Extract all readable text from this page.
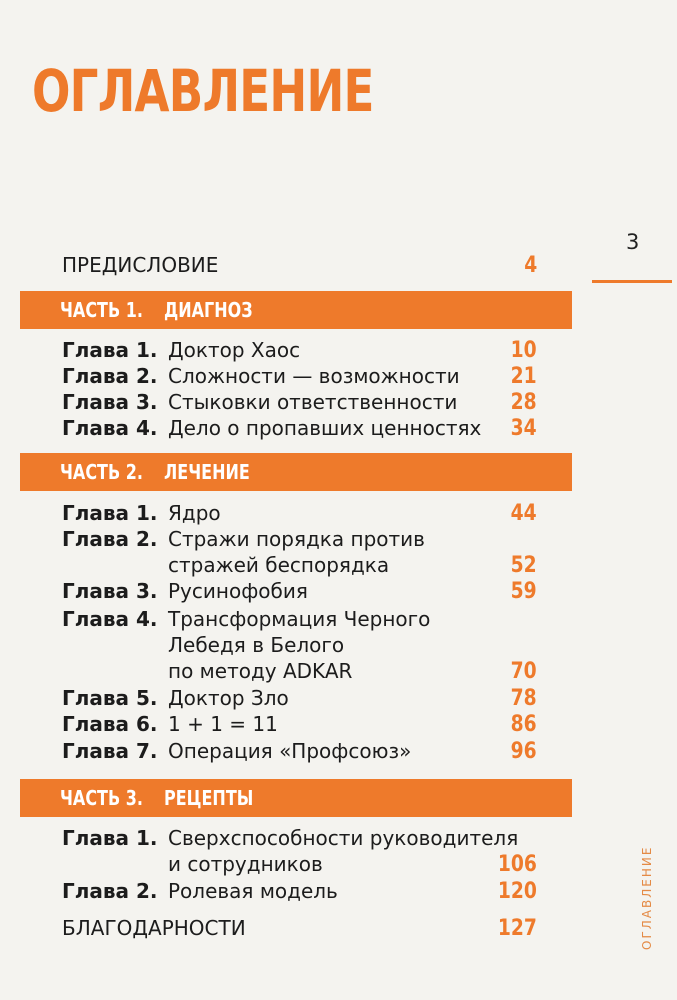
ОГЛАВЛЕНИЕ
3
ОГЛАВЛЕНИЕ
ПРЕДИСЛОВИЕ	4
ЧАСТЬ 1. ДИАГНОЗ
Глава 1. Доктор Хаос	10
Глава 2. Сложности — возможности 21
Глава 3. Стыковки ответственности 28
Глава 4. Дело о пропавших ценностях 34
ЧАСТЬ 2. ЛЕЧЕНИЕ
Глава 1. Ядро	44
Глава 2. Стражи порядка против
стражей беспорядка	52
Глава 3. Русинофобия	59
Глава 4. Трансформация Черного
Лебедя в Белого
по методу ADKAR	70
Глава 5. Доктор Зло	78
Глава 6. 1 + 1 = 11	86
Глава 7. Операция «Профсоюз»	96
ЧАСТЬ 3. РЕЦЕПТЫ
Глава 1. Сверхспособности руководителя
и сотрудников	106
Глава 2. Ролевая модель	120
БЛАГОДАРНОСТИ	127
